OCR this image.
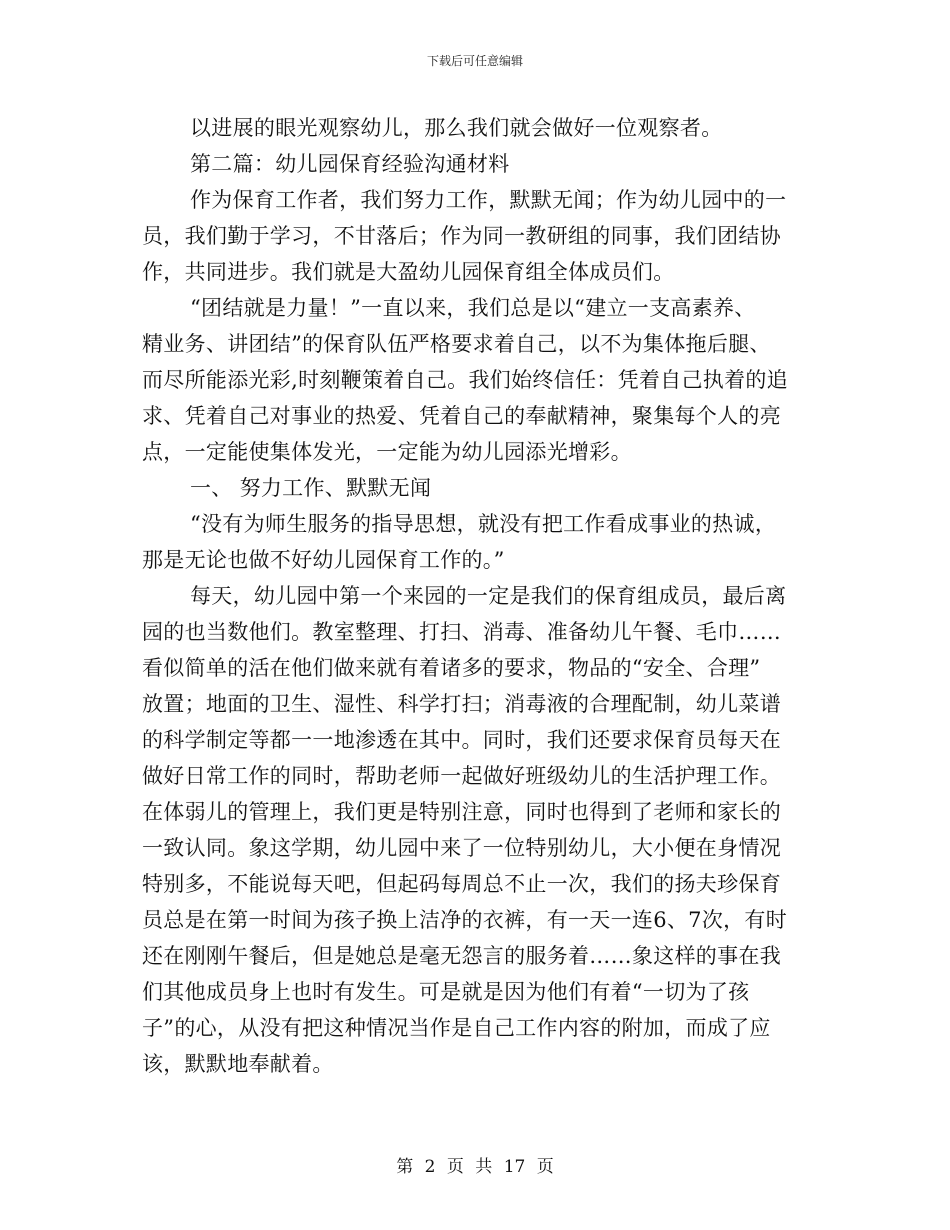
下载后可任意编辑
以进展的眼光观察幼儿，那么我们就会做好一位观察者。
第二篇：幼儿园保育经验沟通材料
作为保育工作者，我们努力工作，默默无闻；作为幼儿园中的一
员，我们勤于学习，不甘落后；作为同一教研组的同事，我们团结协
作，共同进步。我们就是大盈幼儿园保育组全体成员们。
“团结就是力量！”一直以来，我们总是以“建立一支高素养、
精业务、讲团结”的保育队伍严格要求着自己，以不为集体拖后腿、
而尽所能添光彩,时刻鞭策着自己。我们始终信任：凭着自己执着的追
求、凭着自己对事业的热爱、凭着自己的奉献精神，聚集每个人的亮
点，一定能使集体发光，一定能为幼儿园添光增彩。
一、 努力工作、默默无闻
“没有为师生服务的指导思想，就没有把工作看成事业的热诚，
那是无论也做不好幼儿园保育工作的。”
每天，幼儿园中第一个来园的一定是我们的保育组成员，最后离
园的也当数他们。教室整理、打扫、消毒、准备幼儿午餐、毛巾……
看似简单的活在他们做来就有着诸多的要求，物品的“安全、合理”
放置；地面的卫生、湿性、科学打扫；消毒液的合理配制，幼儿菜谱
的科学制定等都一一地渗透在其中。同时，我们还要求保育员每天在
做好日常工作的同时，帮助老师一起做好班级幼儿的生活护理工作。
在体弱儿的管理上，我们更是特别注意，同时也得到了老师和家长的
一致认同。象这学期，幼儿园中来了一位特别幼儿，大小便在身情况
特别多，不能说每天吧，但起码每周总不止一次，我们的扬夫珍保育
员总是在第一时间为孩子换上洁净的衣裤，有一天一连6、7次，有时
还在刚刚午餐后，但是她总是毫无怨言的服务着……象这样的事在我
们其他成员身上也时有发生。可是就是因为他们有着“一切为了孩
子”的心，从没有把这种情况当作是自己工作内容的附加，而成了应
该，默默地奉献着。
第 2 页 共 17 页
